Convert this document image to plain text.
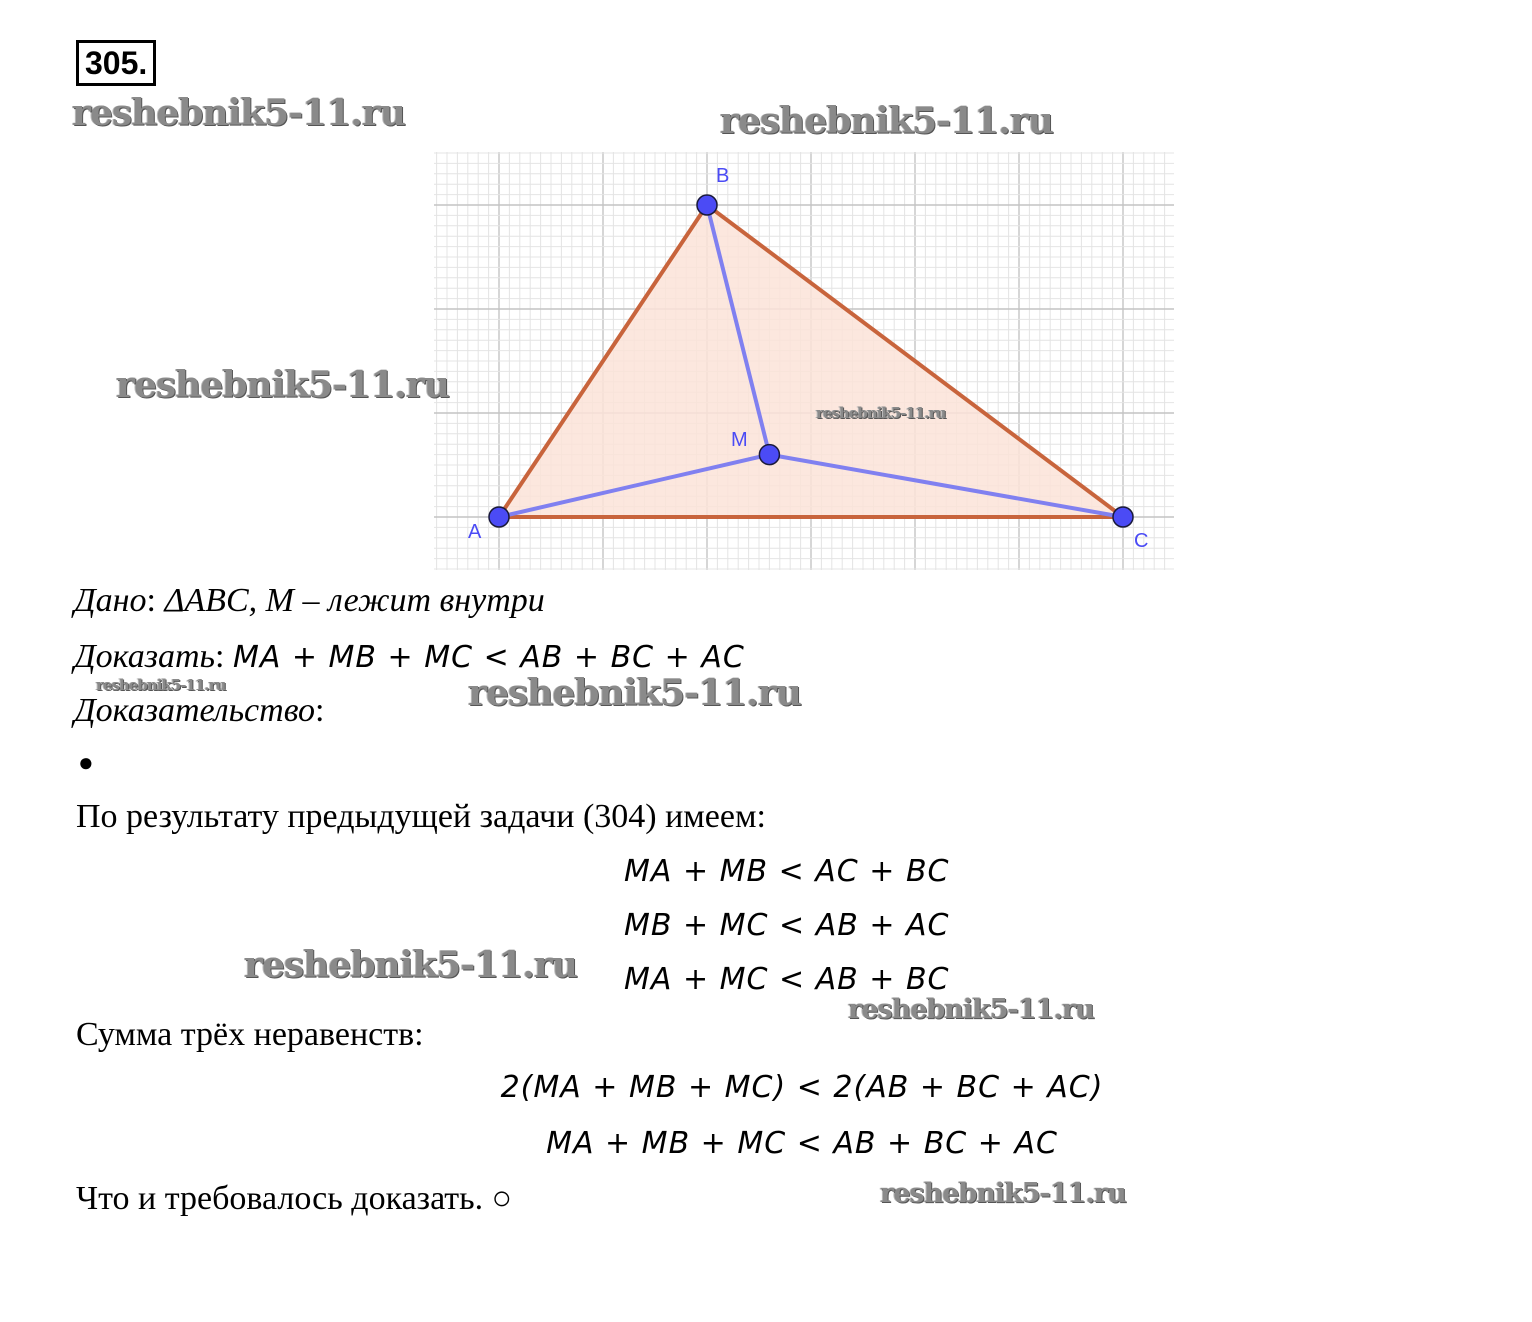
305.
A
B
C
M
reshebnik5-11.ru	reshebnik5-11.ru
reshebnik5-11.ru
reshebnik5-11.ru
reshebnik5-11.ru	reshebnik5-11.ru
reshebnik5-11.ru
reshebnik5-11.ru
reshebnik5-11.ru
Дано: ΔABC, M – лежит внутри
Доказать: MA + MB + MC < AB + BC + AC
Доказательство:
●
По результату предыдущей задачи (304) имеем:
MA + MB < AC + BC
MB + MC < AB + AC
MA + MC < AB + BC
Сумма трёх неравенств:
2(MA + MB + MC) < 2(AB + BC + AC)
MA + MB + MC < AB + BC + AC
Что и требовалось доказать. ○
